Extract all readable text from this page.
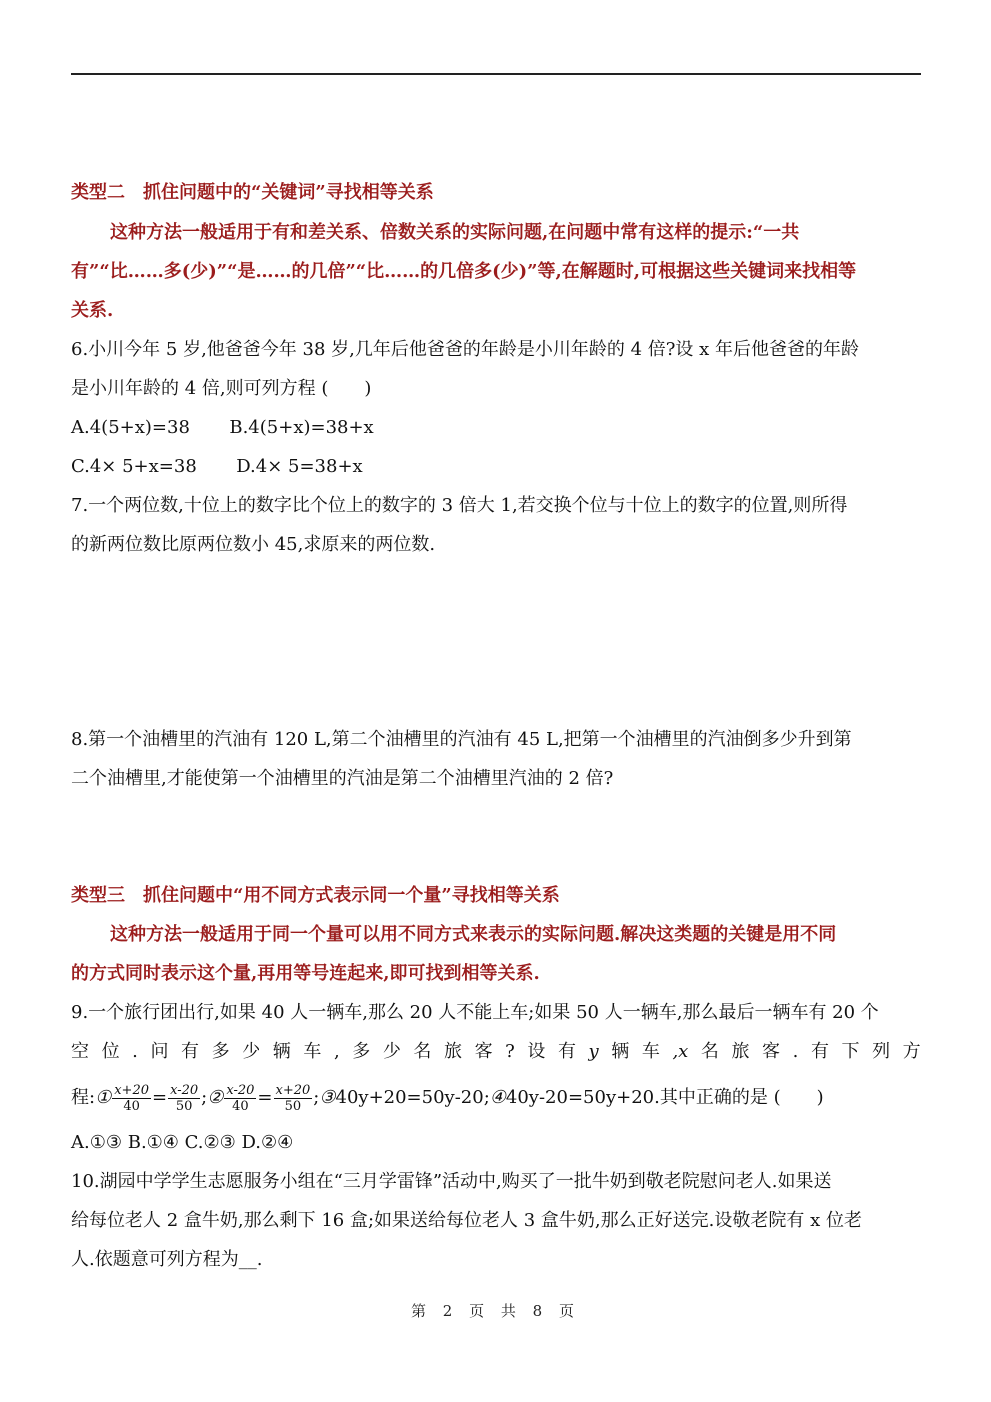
类型二　抓住问题中的“关键词”寻找相等关系
这种方法一般适用于有和差关系、倍数关系的实际问题,在问题中常有这样的提示:“一共
有”“比……多(少)”“是……的几倍”“比……的几倍多(少)”等,在解题时,可根据这些关键词来找相等
关系.
6.小川今年 5 岁,他爸爸今年 38 岁,几年后他爸爸的年龄是小川年龄的 4 倍?设 x 年后他爸爸的年龄
是小川年龄的 4 倍,则可列方程 (　　)
A.4(5+x)=38 B.4(5+x)=38+x
C.4× 5+x=38 D.4× 5=38+x
7.一个两位数,十位上的数字比个位上的数字的 3 倍大 1,若交换个位与十位上的数字的位置,则所得
的新两位数比原两位数小 45,求原来的两位数.
8.第一个油槽里的汽油有 120 L,第二个油槽里的汽油有 45 L,把第一个油槽里的汽油倒多少升到第
二个油槽里,才能使第一个油槽里的汽油是第二个油槽里汽油的 2 倍?
类型三　抓住问题中“用不同方式表示同一个量”寻找相等关系
这种方法一般适用于同一个量可以用不同方式来表示的实际问题.解决这类题的关键是用不同
的方式同时表示这个量,再用等号连起来,即可找到相等关系.
9.一个旅行团出行,如果 40 人一辆车,那么 20 人不能上车;如果 50 人一辆车,那么最后一辆车有 20 个
空 位 . 问 有 多 少 辆 车 , 多 少 名 旅 客 ? 设 有 y 辆 车 ,x 名 旅 客 . 有 下 列 方
程:① $\frac{x+20}{40} = \frac{x-20}{50}$ ;② $\frac{x-20}{40} = \frac{x+20}{50}$ ;③40y+20=50y-20;④40y-20=50y+20.其中正确的是 (　　)
A.①③ B.①④ C.②③ D.②④
10.湖园中学学生志愿服务小组在“三月学雷锋”活动中,购买了一批牛奶到敬老院慰问老人.如果送
给每位老人 2 盒牛奶,那么剩下 16 盒;如果送给每位老人 3 盒牛奶,那么正好送完.设敬老院有 x 位老
人.依题意可列方程为__.
第 2 页 共 8 页
